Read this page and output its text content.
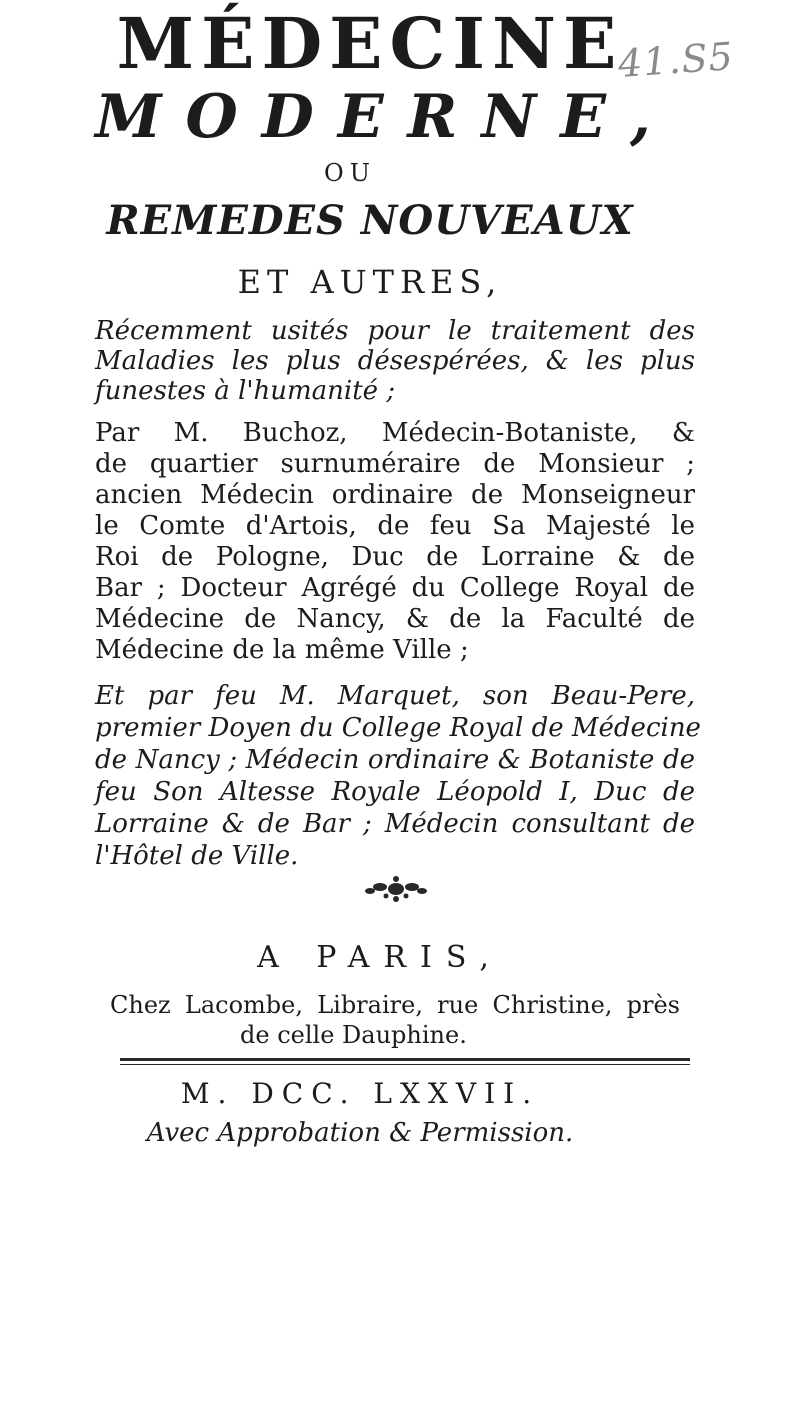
41.S5
MÉDECINE
MODERNE,
OU
REMEDES NOUVEAUX
ET AUTRES,
Récemment usités pour le traitement des
Maladies les plus désespérées, & les plus
funestes à l'humanité ;
Par M. Buchoz, Médecin-Botaniste, &
de quartier surnuméraire de Monsieur ;
ancien Médecin ordinaire de Monseigneur
le Comte d'Artois, de feu Sa Majesté le
Roi de Pologne, Duc de Lorraine & de
Bar ; Docteur Agrégé du College Royal de
Médecine de Nancy, & de la Faculté de
Médecine de la même Ville ;
Et par feu M. Marquet, son Beau-Pere,
premier Doyen du College Royal de Médecine
de Nancy ; Médecin ordinaire & Botaniste de
feu Son Altesse Royale Léopold I, Duc de
Lorraine & de Bar ; Médecin consultant de
l'Hôtel de Ville.
A PARIS,
Chez Lacombe, Libraire, rue Christine, près
de celle Dauphine.
M. DCC. LXXVII.
Avec Approbation & Permission.
